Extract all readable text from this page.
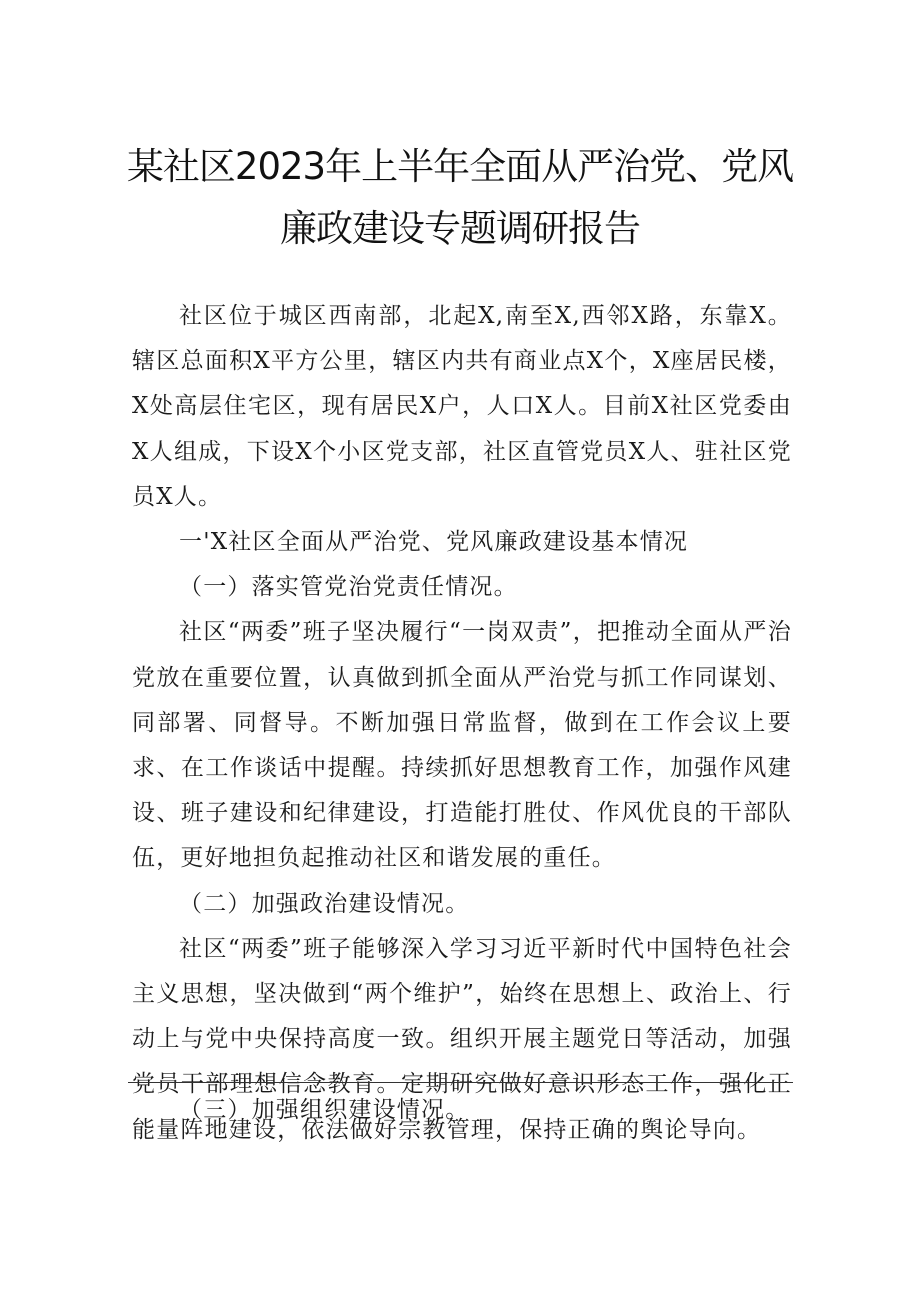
某社区2023年上半年全面从严治党、党风
廉政建设专题调研报告

社区位于城区西南部，北起X,南至X,西邻X路，东靠X。辖区总面积X平方公里，辖区内共有商业点X个，X座居民楼，X处高层住宅区，现有居民X户，人口X人。目前X社区党委由X人组成，下设X个小区党支部，社区直管党员X人、驻社区党员X人。

一'X社区全面从严治党、党风廉政建设基本情况

（一）落实管党治党责任情况。

社区“两委”班子坚决履行“一岗双责”，把推动全面从严治党放在重要位置，认真做到抓全面从严治党与抓工作同谋划、同部署、同督导。不断加强日常监督，做到在工作会议上要求、在工作谈话中提醒。持续抓好思想教育工作，加强作风建设、班子建设和纪律建设，打造能打胜仗、作风优良的干部队伍，更好地担负起推动社区和谐发展的重任。

（二）加强政治建设情况。

社区“两委”班子能够深入学习习近平新时代中国特色社会主义思想，坚决做到“两个维护”，始终在思想上、政治上、行动上与党中央保持高度一致。组织开展主题党日等活动，加强党员干部理想信念教育。定期研究做好意识形态工作，强化正能量阵地建设，依法做好宗教管理，保持正确的舆论导向。

（三）加强组织建设情况。
